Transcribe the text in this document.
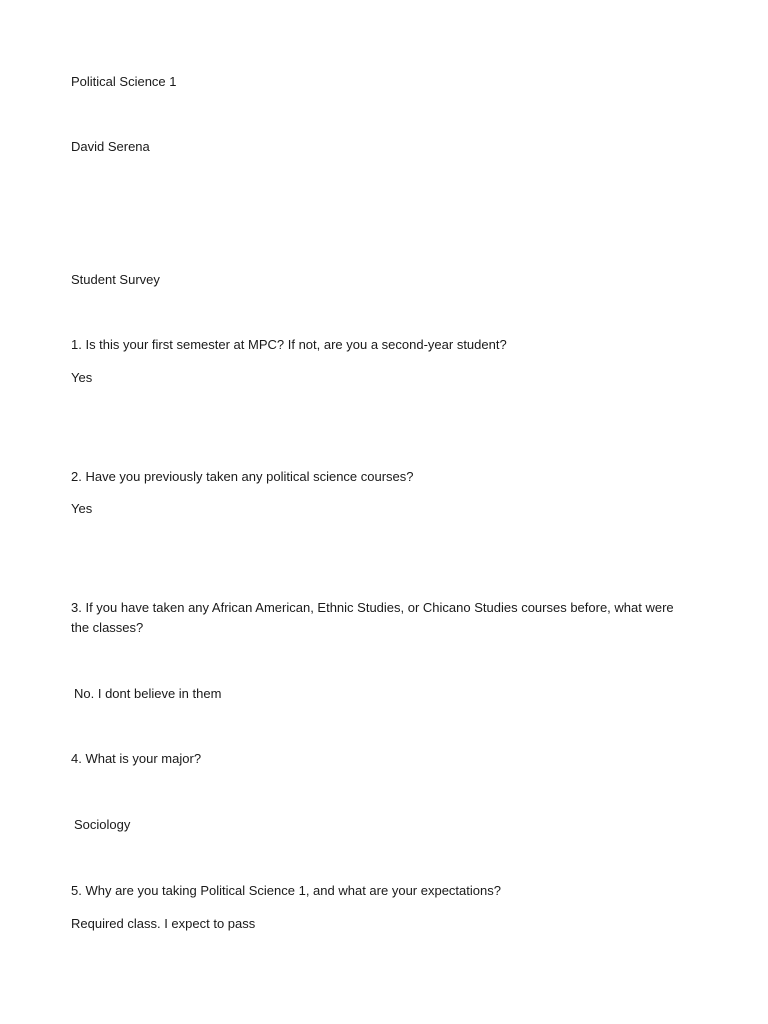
Political Science 1
David Serena
Student Survey
1. Is this your first semester at MPC? If not, are you a second-year student?
Yes
2. Have you previously taken any political science courses?
Yes
3. If you have taken any African American, Ethnic Studies, or Chicano Studies courses before, what were the classes?
No. I dont believe in them
4. What is your major?
Sociology
5. Why are you taking Political Science 1, and what are your expectations?
Required class. I expect to pass
